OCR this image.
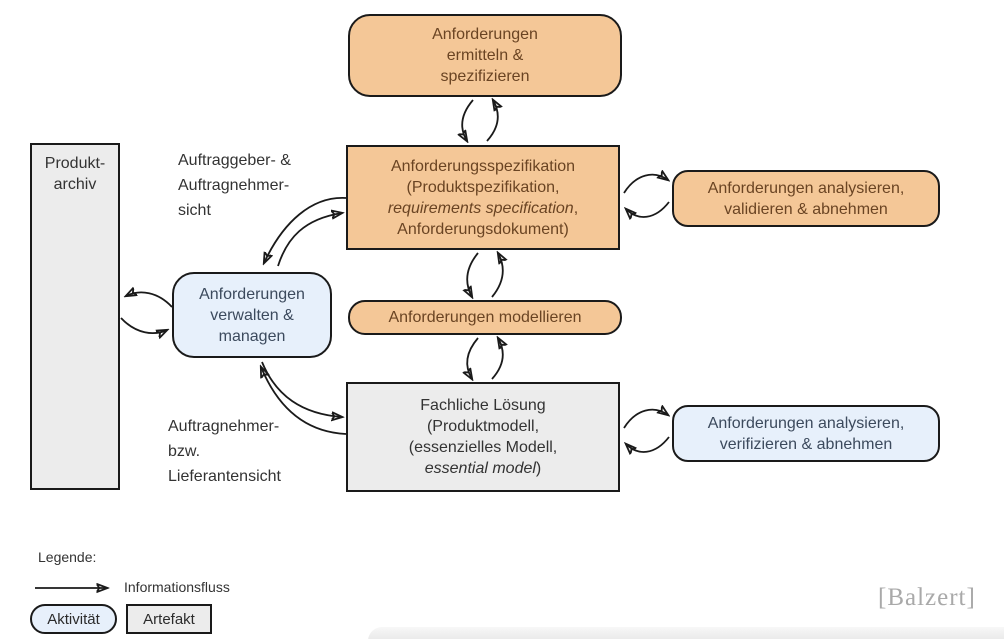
Anforderungen
ermitteln &
spezifizieren
Anforderungsspezifikation
(Produktspezifikation,
requirements specification,
Anforderungsdokument)
Anforderungen analysieren,
validieren & abnehmen
Produkt-
archiv
Anforderungen
verwalten &
managen
Anforderungen modellieren
Fachliche Lösung
(Produktmodell,
(essenzielles Modell,
essential model)
Anforderungen analysieren,
verifizieren & abnehmen
Auftraggeber- &
Auftragnehmer-
sicht
Auftragnehmer-
bzw.
Lieferantensicht
Legende:
Informationsfluss
Aktivität	Artefakt
[Balzert]
